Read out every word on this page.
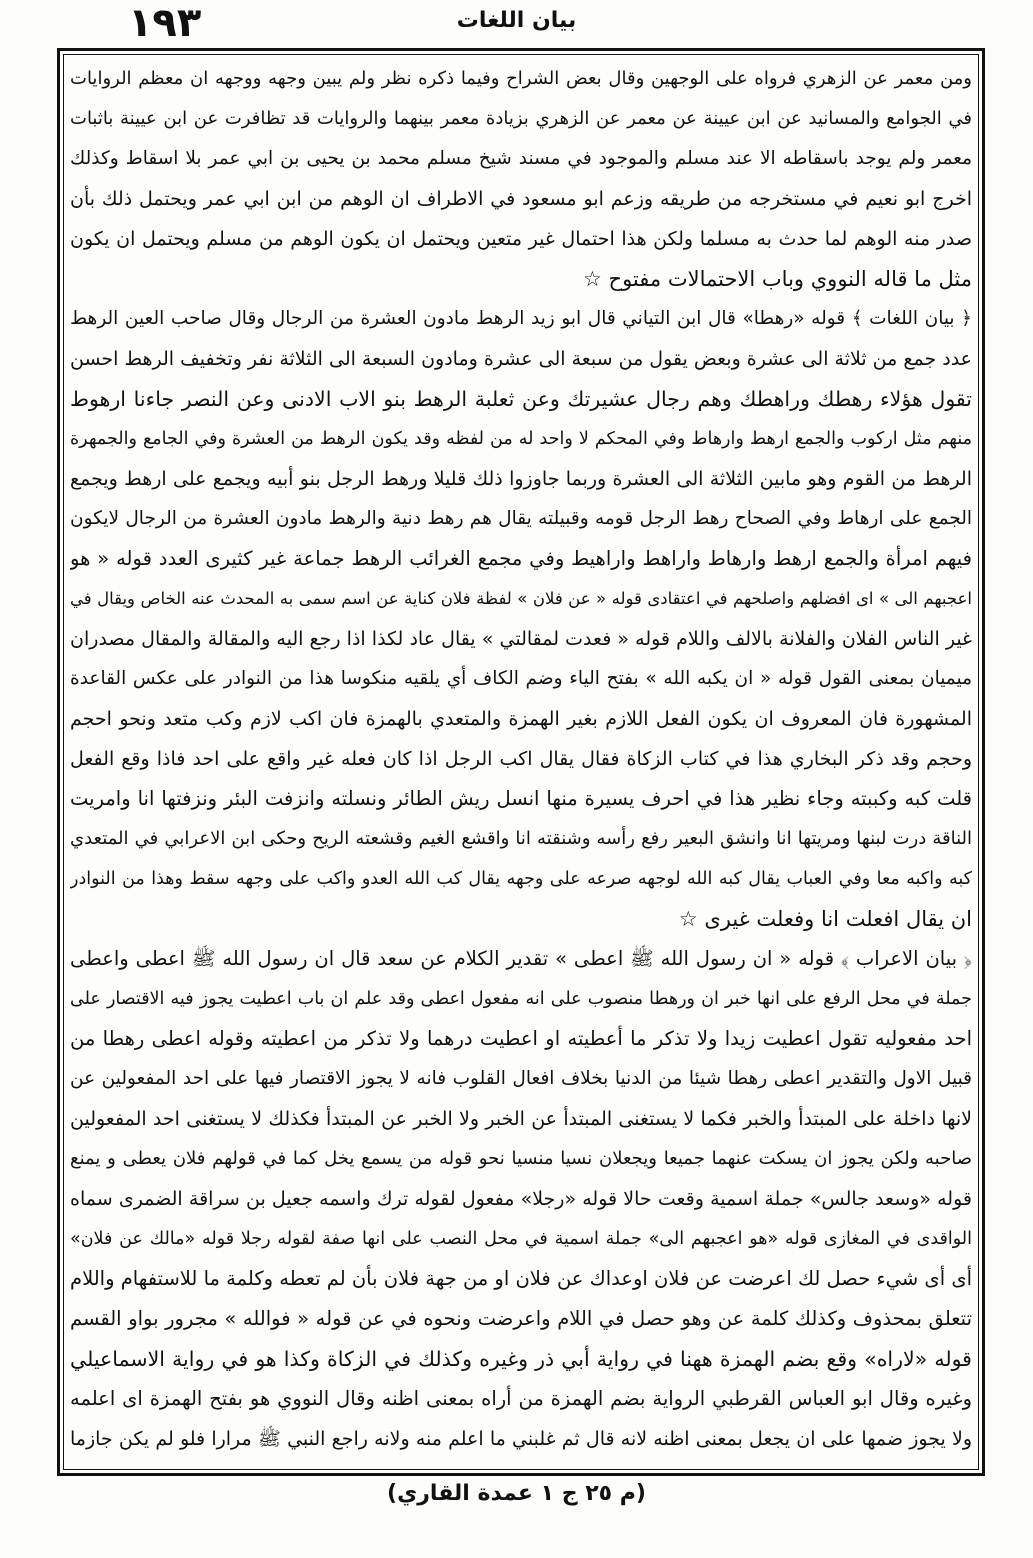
١٩٣	بيان اللغات
ومن معمر عن الزهري فرواه على الوجهين وقال بعض الشراح وفيما ذكره نظر ولم يبين وجهه ووجهه ان معظم الروايات
في الجوامع والمسانيد عن ابن عيينة عن معمر عن الزهري بزيادة معمر بينهما والروايات قد تظافرت عن ابن عيينة باثبات
معمر ولم يوجد باسقاطه الا عند مسلم والموجود في مسند شيخ مسلم محمد بن يحيى بن ابي عمر بلا اسقاط وكذلك
اخرج ابو نعيم في مستخرجه من طريقه وزعم ابو مسعود في الاطراف ان الوهم من ابن ابي عمر ويحتمل ذلك بأن
صدر منه الوهم لما حدث به مسلما ولكن هذا احتمال غير متعين ويحتمل ان يكون الوهم من مسلم ويحتمل ان يكون
مثل ما قاله النووي وباب الاحتمالات مفتوح ☆
﴿ بيان اللغات ﴾ قوله «رهطا» قال ابن التياني قال ابو زيد الرهط مادون العشرة من الرجال وقال صاحب العين الرهط
عدد جمع من ثلاثة الى عشرة وبعض يقول من سبعة الى عشرة ومادون السبعة الى الثلاثة نفر وتخفيف الرهط احسن
تقول هؤلاء رهطك وراهطك وهم رجال عشيرتك وعن ثعلبة الرهط بنو الاب الادنى وعن النصر جاءنا ارهوط
منهم مثل اركوب والجمع ارهط وارهاط وفي المحكم لا واحد له من لفظه وقد يكون الرهط من العشرة وفي الجامع والجمهرة
الرهط من القوم وهو مابين الثلاثة الى العشرة وربما جاوزوا ذلك قليلا ورهط الرجل بنو أبيه ويجمع على ارهط ويجمع
الجمع على ارهاط وفي الصحاح رهط الرجل قومه وقبيلته يقال هم رهط دنية والرهط مادون العشرة من الرجال لايكون
فيهم امرأة والجمع ارهط وارهاط واراهط واراهيط وفي مجمع الغرائب الرهط جماعة غير كثيرى العدد قوله « هو
اعجبهم الى » اى افضلهم واصلحهم في اعتقادى قوله « عن فلان » لفظة فلان كناية عن اسم سمى به المحدث عنه الخاص ويقال في
غير الناس الفلان والفلانة بالالف واللام قوله « فعدت لمقالتي » يقال عاد لكذا اذا رجع اليه والمقالة والمقال مصدران
ميميان بمعنى القول قوله « ان يكبه الله » بفتح الياء وضم الكاف أي يلقيه منكوسا هذا من النوادر على عكس القاعدة
المشهورة فان المعروف ان يكون الفعل اللازم بغير الهمزة والمتعدي بالهمزة فان اكب لازم وكب متعد ونحو احجم
وحجم وقد ذكر البخاري هذا في كتاب الزكاة فقال يقال اكب الرجل اذا كان فعله غير واقع على احد فاذا وقع الفعل
قلت كبه وكببته وجاء نظير هذا في احرف يسيرة منها انسل ريش الطائر ونسلته وانزفت البئر ونزفتها انا وامريت
الناقة درت لبنها ومريتها انا وانشق البعير رفع رأسه وشنقته انا واقشع الغيم وقشعته الريح وحكى ابن الاعرابي في المتعدي
كبه واكبه معا وفي العباب يقال كبه الله لوجهه صرعه على وجهه يقال كب الله العدو واكب على وجهه سقط وهذا من النوادر
ان يقال افعلت انا وفعلت غيرى ☆
﴿ بيان الاعراب ﴾ قوله « ان رسول الله ﷺ اعطى » تقدير الكلام عن سعد قال ان رسول الله ﷺ اعطى واعطى
جملة في محل الرفع على انها خبر ان ورهطا منصوب على انه مفعول اعطى وقد علم ان باب اعطيت يجوز فيه الاقتصار على
احد مفعوليه تقول اعطيت زيدا ولا تذكر ما أعطيته او اعطيت درهما ولا تذكر من اعطيته وقوله اعطى رهطا من
قبيل الاول والتقدير اعطى رهطا شيئا من الدنيا بخلاف افعال القلوب فانه لا يجوز الاقتصار فيها على احد المفعولين عن
لانها داخلة على المبتدأ والخبر فكما لا يستغنى المبتدأ عن الخبر ولا الخبر عن المبتدأ فكذلك لا يستغنى احد المفعولين
صاحبه ولكن يجوز ان يسكت عنهما جميعا ويجعلان نسيا منسيا نحو قوله من يسمع يخل كما في قولهم فلان يعطى و يمنع
قوله «وسعد جالس» جملة اسمية وقعت حالا قوله «رجلا» مفعول لقوله ترك واسمه جعيل بن سراقة الضمرى سماه
الواقدى في المغازى قوله «هو اعجبهم الى» جملة اسمية في محل النصب على انها صفة لقوله رجلا قوله «مالك عن فلان»
أى أى شيء حصل لك اعرضت عن فلان اوعداك عن فلان او من جهة فلان بأن لم تعطه وكلمة ما للاستفهام واللام
تتعلق بمحذوف وكذلك كلمة عن وهو حصل في اللام واعرضت ونحوه في عن قوله « فوالله » مجرور بواو القسم
قوله «لاراه» وقع بضم الهمزة ههنا في رواية أبي ذر وغيره وكذلك في الزكاة وكذا هو في رواية الاسماعيلي
وغيره وقال ابو العباس القرطبي الرواية بضم الهمزة من أراه بمعنى اظنه وقال النووي هو بفتح الهمزة اى اعلمه
ولا يجوز ضمها على ان يجعل بمعنى اظنه لانه قال ثم غلبني ما اعلم منه ولانه راجع النبي ﷺ مرارا فلو لم يكن جازما
(م ٢٥ ج ١ عمدة القاري)
